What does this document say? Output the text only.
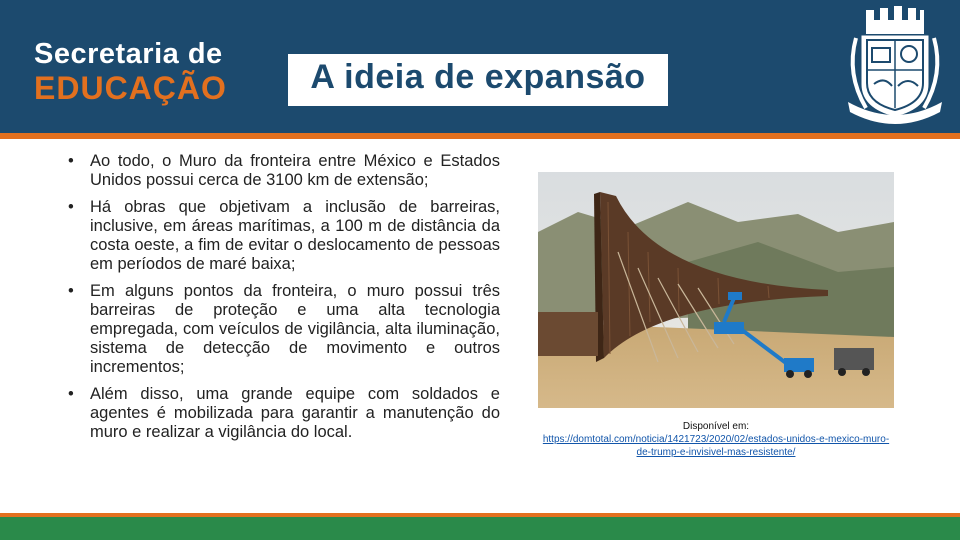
Secretaria de
EDUCAÇÃO	A ideia de expansão
• Ao todo, o Muro da fronteira entre México e Estados Unidos possui cerca de 3100 km de extensão;
• Há obras que objetivam a inclusão de barreiras, inclusive, em áreas marítimas, a 100 m de distância da costa oeste, a fim de evitar o deslocamento de pessoas em períodos de maré baixa;
• Em alguns pontos da fronteira, o muro possui três barreiras de proteção e uma alta tecnologia empregada, com veículos de vigilância, alta iluminação, sistema de detecção de movimento e outros incrementos;
• Além disso, uma grande equipe com soldados e agentes é mobilizada para garantir a manutenção do muro e realizar a vigilância do local.	Disponível em:
https://domtotal.com/noticia/1421723/2020/02/estados-unidos-e-mexico-muro-de-trump-e-invisivel-mas-resistente/
